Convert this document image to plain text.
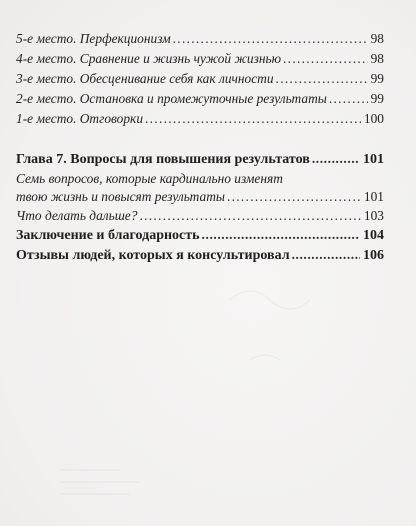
5-е место. Перфекционизм .....	98
4-е место. Сравнение и жизнь чужой жизнью .....	98
3-е место. Обесценивание себя как личности .....	99
2-е место. Остановка и промежуточные результаты .....	99
1-е место. Отговорки .....	100
Глава 7. Вопросы для повышения результатов .....	101
Семь вопросов, которые кардинально изменят
твою жизнь и повысят результаты .....	101
Что делать дальше? .....	103
Заключение и благодарность .....	104
Отзывы людей, которых я консультировал .....	106
